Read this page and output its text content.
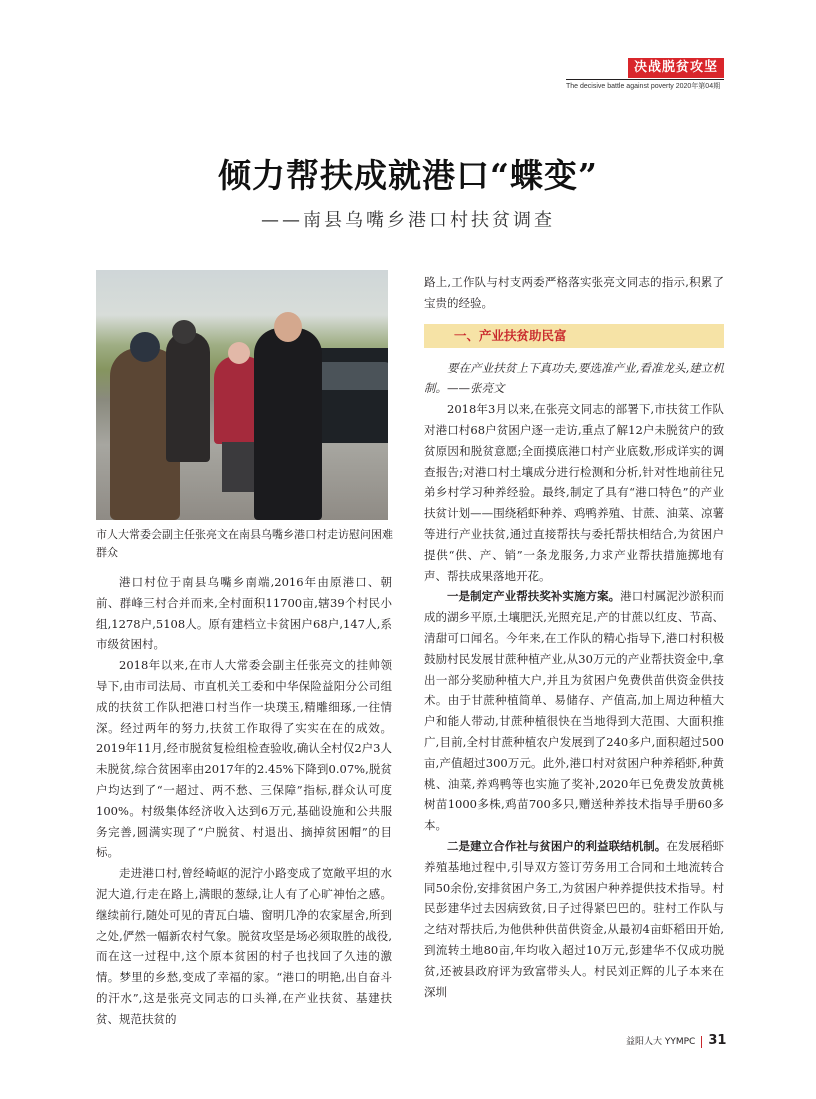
决战脱贫攻坚
The decisive battle against poverty 2020年第04期
倾力帮扶成就港口“蝶变”
——南县乌嘴乡港口村扶贫调查
市人大常委会副主任张亮文在南县乌嘴乡港口村走访慰问困难群众

港口村位于南县乌嘴乡南端,2016年由原港口、朝前、群峰三村合并而来,全村面积11700亩,辖39个村民小组,1278户,5108人。原有建档立卡贫困户68户,147人,系市级贫困村。

2018年以来,在市人大常委会副主任张亮文的挂帅领导下,由市司法局、市直机关工委和中华保险益阳分公司组成的扶贫工作队把港口村当作一块璞玉,精雕细琢,一往情深。经过两年的努力,扶贫工作取得了实实在在的成效。2019年11月,经市脱贫复检组检查验收,确认全村仅2户3人未脱贫,综合贫困率由2017年的2.45%下降到0.07%,脱贫户均达到了“一超过、两不愁、三保障”指标,群众认可度100%。村级集体经济收入达到6万元,基础设施和公共服务完善,圆满实现了“户脱贫、村退出、摘掉贫困帽”的目标。

走进港口村,曾经崎岖的泥泞小路变成了宽敞平坦的水泥大道,行走在路上,满眼的葱绿,让人有了心旷神怡之感。继续前行,随处可见的青瓦白墙、窗明几净的农家屋舍,所到之处,俨然一幅新农村气象。脱贫攻坚是场必须取胜的战役,而在这一过程中,这个原本贫困的村子也找回了久违的激情。梦里的乡愁,变成了幸福的家。“港口的明艳,出自奋斗的汗水”,这是张亮文同志的口头禅,在产业扶贫、基建扶贫、规范扶贫的

路上,工作队与村支两委严格落实张亮文同志的指示,积累了宝贵的经验。

一、产业扶贫助民富

要在产业扶贫上下真功夫,要选准产业,看准龙头,建立机制。——张亮文

2018年3月以来,在张亮文同志的部署下,市扶贫工作队对港口村68户贫困户逐一走访,重点了解12户未脱贫户的致贫原因和脱贫意愿;全面摸底港口村产业底数,形成详实的调查报告;对港口村土壤成分进行检测和分析,针对性地前往兄弟乡村学习种养经验。最终,制定了具有“港口特色”的产业扶贫计划——围绕稻虾种养、鸡鸭养殖、甘蔗、油菜、凉薯等进行产业扶贫,通过直接帮扶与委托帮扶相结合,为贫困户提供“供、产、销”一条龙服务,力求产业帮扶措施掷地有声、帮扶成果落地开花。

一是制定产业帮扶奖补实施方案。港口村属泥沙淤积而成的湖乡平原,土壤肥沃,光照充足,产的甘蔗以红皮、节高、清甜可口闻名。今年来,在工作队的精心指导下,港口村积极鼓励村民发展甘蔗种植产业,从30万元的产业帮扶资金中,拿出一部分奖励种植大户,并且为贫困户免费供苗供资金供技术。由于甘蔗种植简单、易储存、产值高,加上周边种植大户和能人带动,甘蔗种植很快在当地得到大范围、大面积推广,目前,全村甘蔗种植农户发展到了240多户,面积超过500亩,产值超过300万元。此外,港口村对贫困户种养稻虾,种黄桃、油菜,养鸡鸭等也实施了奖补,2020年已免费发放黄桃树苗1000多株,鸡苗700多只,赠送种养技术指导手册60多本。

二是建立合作社与贫困户的利益联结机制。在发展稻虾养殖基地过程中,引导双方签订劳务用工合同和土地流转合同50余份,安排贫困户务工,为贫困户种养提供技术指导。村民彭建华过去因病致贫,日子过得紧巴巴的。驻村工作队与之结对帮扶后,为他供种供苗供资金,从最初4亩虾稻田开始,到流转土地80亩,年均收入超过10万元,彭建华不仅成功脱贫,还被县政府评为致富带头人。村民刘正辉的儿子本来在深圳

益阳人大 YYMPC 31
